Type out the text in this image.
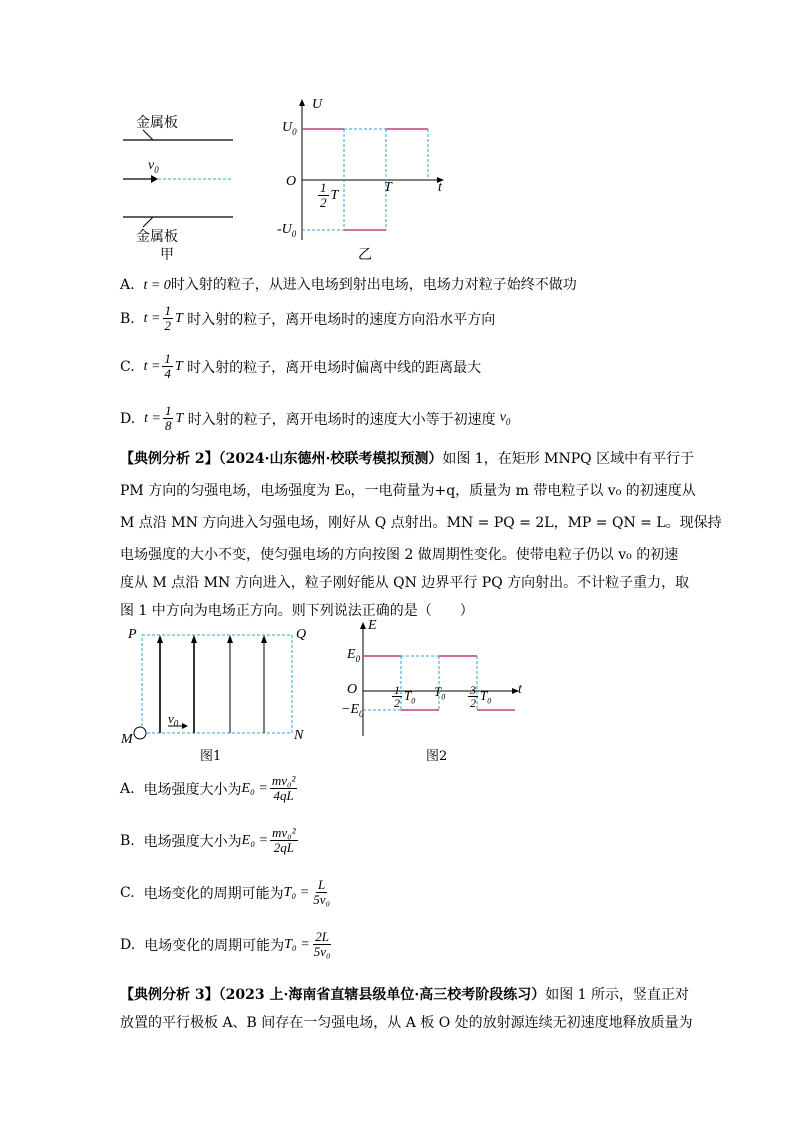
金属板
$v_0$
金属板
甲
U
$U_0$
O	t
$\frac{1}{2}$ T	T
$-U_0$
乙
A. t = 0时入射的粒子，从进入电场到射出电场，电场力对粒子始终不做功
B.
$t = \frac{1}{2}$ T
时入射的粒子，离开电场时的速度方向沿水平方向
C.
$t = \frac{1}{4}$ T
时入射的粒子，离开电场时偏离中线的距离最大
D.
$t = \frac{1}{8}$ T
时入射的粒子，离开电场时的速度大小等于初速度 $v_0$
【典例分析 2】（2024·山东德州·校联考模拟预测）如图 1，在矩形 MNPQ 区域中有平行于
PM 方向的匀强电场，电场强度为 E₀，一电荷量为+q，质量为 m 带电粒子以 v₀ 的初速度从
M 点沿 MN 方向进入匀强电场，刚好从 Q 点射出。MN = PQ = 2L，MP = QN = L。现保持
电场强度的大小不变，使匀强电场的方向按图 2 做周期性变化。使带电粒子仍以 v₀ 的初速
度从 M 点沿 MN 方向进入，粒子刚好能从 QN 边界平行 PQ 方向射出。不计粒子重力，取
图 1 中方向为电场正方向。则下列说法正确的是（　　）
P	Q
M	N
$v_0$
图1
E
$E_0$
O	t
$\frac{1}{2} T_0$
$T_0 \frac{3}{2} T_0$
$-E_0$
图2
A.
电场强度大小为 $E_0 = \frac{\text{mv₀²}}{4qL}$
B.
电场强度大小为 $E_0 = \frac{\text{mv₀²}}{2qL}$
C.
电场变化的周期可能为 $T_0 = \frac{L}{\text{5v₀}}$
D.
电场变化的周期可能为 $T_0 = \frac{2L}{\text{5v₀}}$
【典例分析 3】（2023 上·海南省直辖县级单位·高三校考阶段练习）如图 1 所示，竖直正对
放置的平行极板 A、B 间存在一匀强电场，从 A 板 O 处的放射源连续无初速度地释放质量为
